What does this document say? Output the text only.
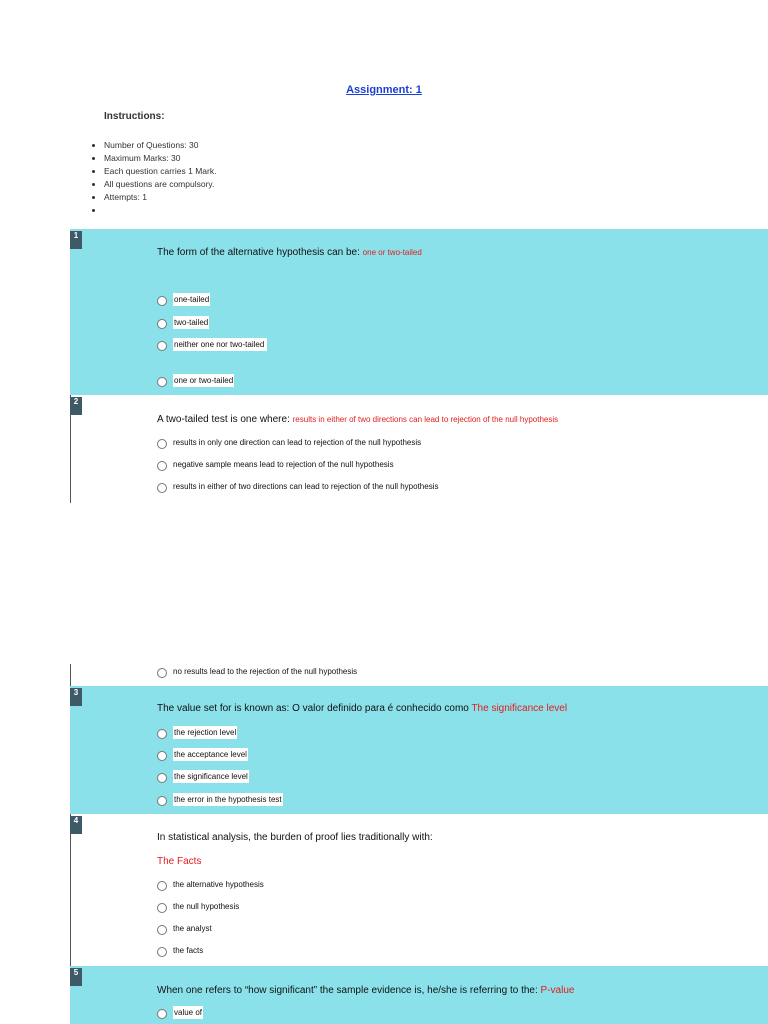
Assignment: 1
Instructions:
• Number of Questions: 30
• Maximum Marks: 30
• Each question carries 1 Mark.
• All questions are compulsory.
• Attempts: 1
•
1
The form of the alternative hypothesis can be: one or two-tailed
one-tailed
two-tailed
neither one nor two-tailed
one or two-tailed
2
A two-tailed test is one where: results in either of two directions can lead to rejection of the null hypothesis
results in only one direction can lead to rejection of the null hypothesis
negative sample means lead to rejection of the null hypothesis
results in either of two directions can lead to rejection of the null hypothesis
no results lead to the rejection of the null hypothesis
3
The value set for is known as: O valor definido para é conhecido como The significance level
the rejection level
the acceptance level
the significance level
the error in the hypothesis test
4
In statistical analysis, the burden of proof lies traditionally with:
The Facts
the alternative hypothesis
the null hypothesis
the analyst
the facts
5
When one refers to “how significant” the sample evidence is, he/she is referring to the: P-value
value of
